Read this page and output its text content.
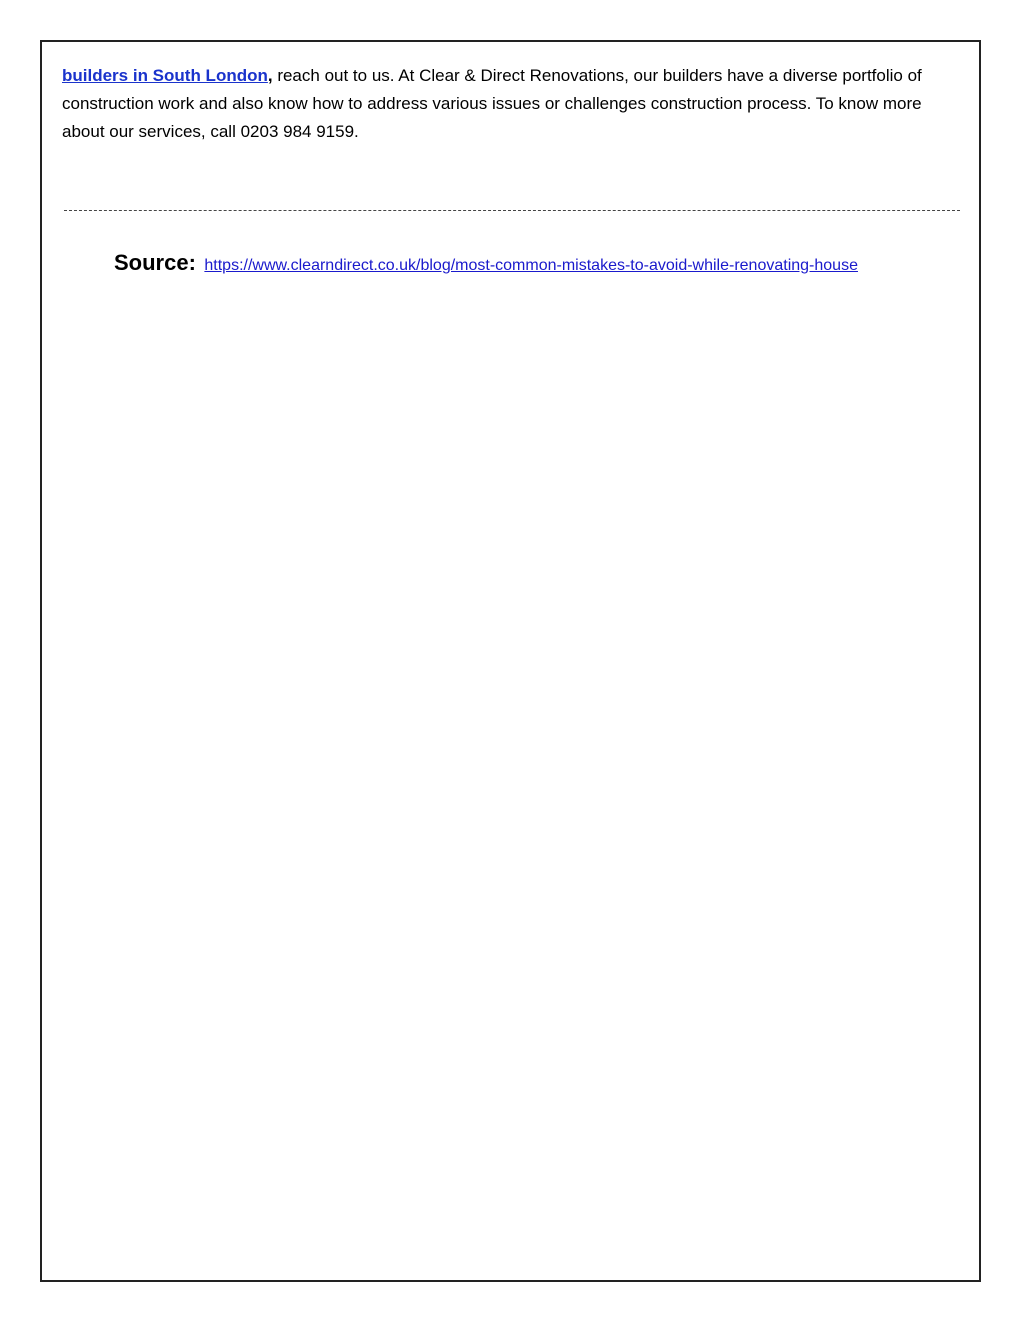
builders in South London, reach out to us. At Clear & Direct Renovations, our builders have a diverse portfolio of construction work and also know how to address various issues or challenges construction process. To know more about our services, call 0203 984 9159.

Source: https://www.clearndirect.co.uk/blog/most-common-mistakes-to-avoid-while-renovating-house
